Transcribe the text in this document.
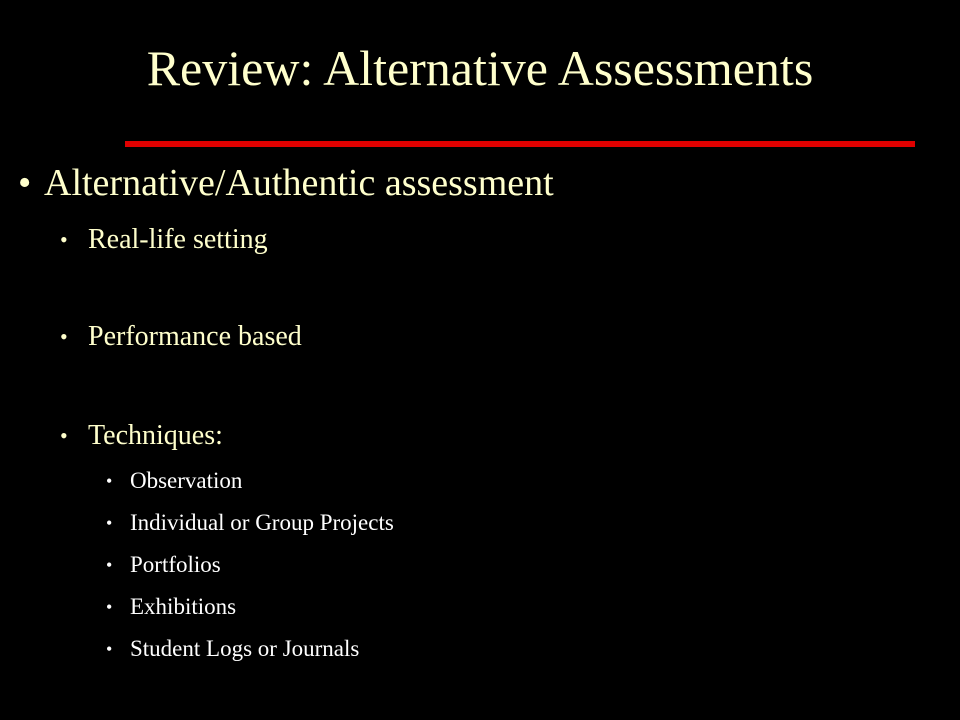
Review: Alternative Assessments
• Alternative/Authentic assessment
• Real-life setting
• Performance based
• Techniques:
• Observation
• Individual or Group Projects
• Portfolios
• Exhibitions
• Student Logs or Journals
